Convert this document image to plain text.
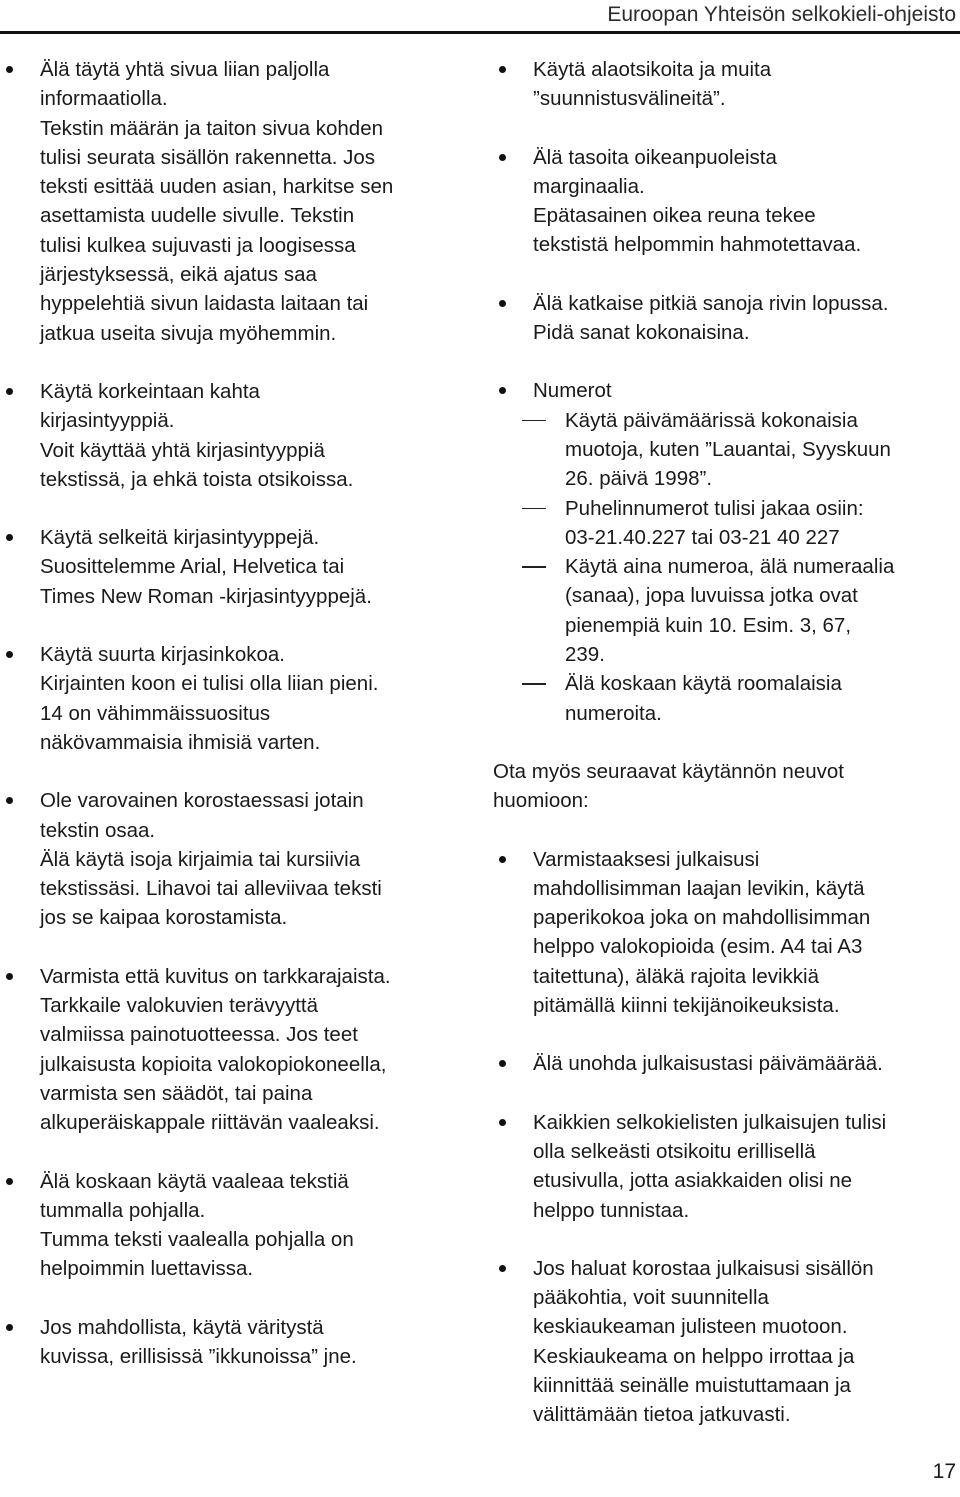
Euroopan Yhteisön selkokieli-ohjeisto
Älä täytä yhtä sivua liian paljolla
informaatiolla.
Tekstin määrän ja taiton sivua kohden
tulisi seurata sisällön rakennetta. Jos
teksti esittää uuden asian, harkitse sen
asettamista uudelle sivulle. Tekstin
tulisi kulkea sujuvasti ja loogisessa
järjestyksessä, eikä ajatus saa
hyppelehtiä sivun laidasta laitaan tai
jatkua useita sivuja myöhemmin.
Käytä korkeintaan kahta
kirjasintyyppiä.
Voit käyttää yhtä kirjasintyyppiä
tekstissä, ja ehkä toista otsikoissa.
Käytä selkeitä kirjasintyyppejä.
Suosittelemme Arial, Helvetica tai
Times New Roman -kirjasintyyppejä.
Käytä suurta kirjasinkokoa.
Kirjainten koon ei tulisi olla liian pieni.
14 on vähimmäissuositus
näkövammaisia ihmisiä varten.
Ole varovainen korostaessasi jotain
tekstin osaa.
Älä käytä isoja kirjaimia tai kursiivia
tekstissäsi. Lihavoi tai alleviivaa teksti
jos se kaipaa korostamista.
Varmista että kuvitus on tarkkarajaista.
Tarkkaile valokuvien terävyyttä
valmiissa painotuotteessa. Jos teet
julkaisusta kopioita valokopiokoneella,
varmista sen säädöt, tai paina
alkuperäiskappale riittävän vaaleaksi.
Älä koskaan käytä vaaleaa tekstiä
tummalla pohjalla.
Tumma teksti vaalealla pohjalla on
helpoimmin luettavissa.
Jos mahdollista, käytä väritystä
kuvissa, erillisissä ”ikkunoissa” jne.
Käytä alaotsikoita ja muita
”suunnistusvälineitä”.
Älä tasoita oikeanpuoleista
marginaalia.
Epätasainen oikea reuna tekee
tekstistä helpommin hahmotettavaa.
Älä katkaise pitkiä sanoja rivin lopussa.
Pidä sanat kokonaisina.
Numerot
Käytä päivämäärissä kokonaisia
muotoja, kuten ”Lauantai, Syyskuun
26. päivä 1998”.
Puhelinnumerot tulisi jakaa osiin:
03-21.40.227 tai 03-21 40 227
Käytä aina numeroa, älä numeraalia
(sanaa), jopa luvuissa jotka ovat
pienempiä kuin 10. Esim. 3, 67,
239.
Älä koskaan käytä roomalaisia
numeroita.
Ota myös seuraavat käytännön neuvot
huomioon:
Varmistaaksesi julkaisusi
mahdollisimman laajan levikin, käytä
paperikokoa joka on mahdollisimman
helppo valokopioida (esim. A4 tai A3
taitettuna), äläkä rajoita levikkiä
pitämällä kiinni tekijänoikeuksista.
Älä unohda julkaisustasi päivämäärää.
Kaikkien selkokielisten julkaisujen tulisi
olla selkeästi otsikoitu erillisellä
etusivulla, jotta asiakkaiden olisi ne
helppo tunnistaa.
Jos haluat korostaa julkaisusi sisällön
pääkohtia, voit suunnitella
keskiaukeaman julisteen muotoon.
Keskiaukeama on helppo irrottaa ja
kiinnittää seinälle muistuttamaan ja
välittämään tietoa jatkuvasti.
17
